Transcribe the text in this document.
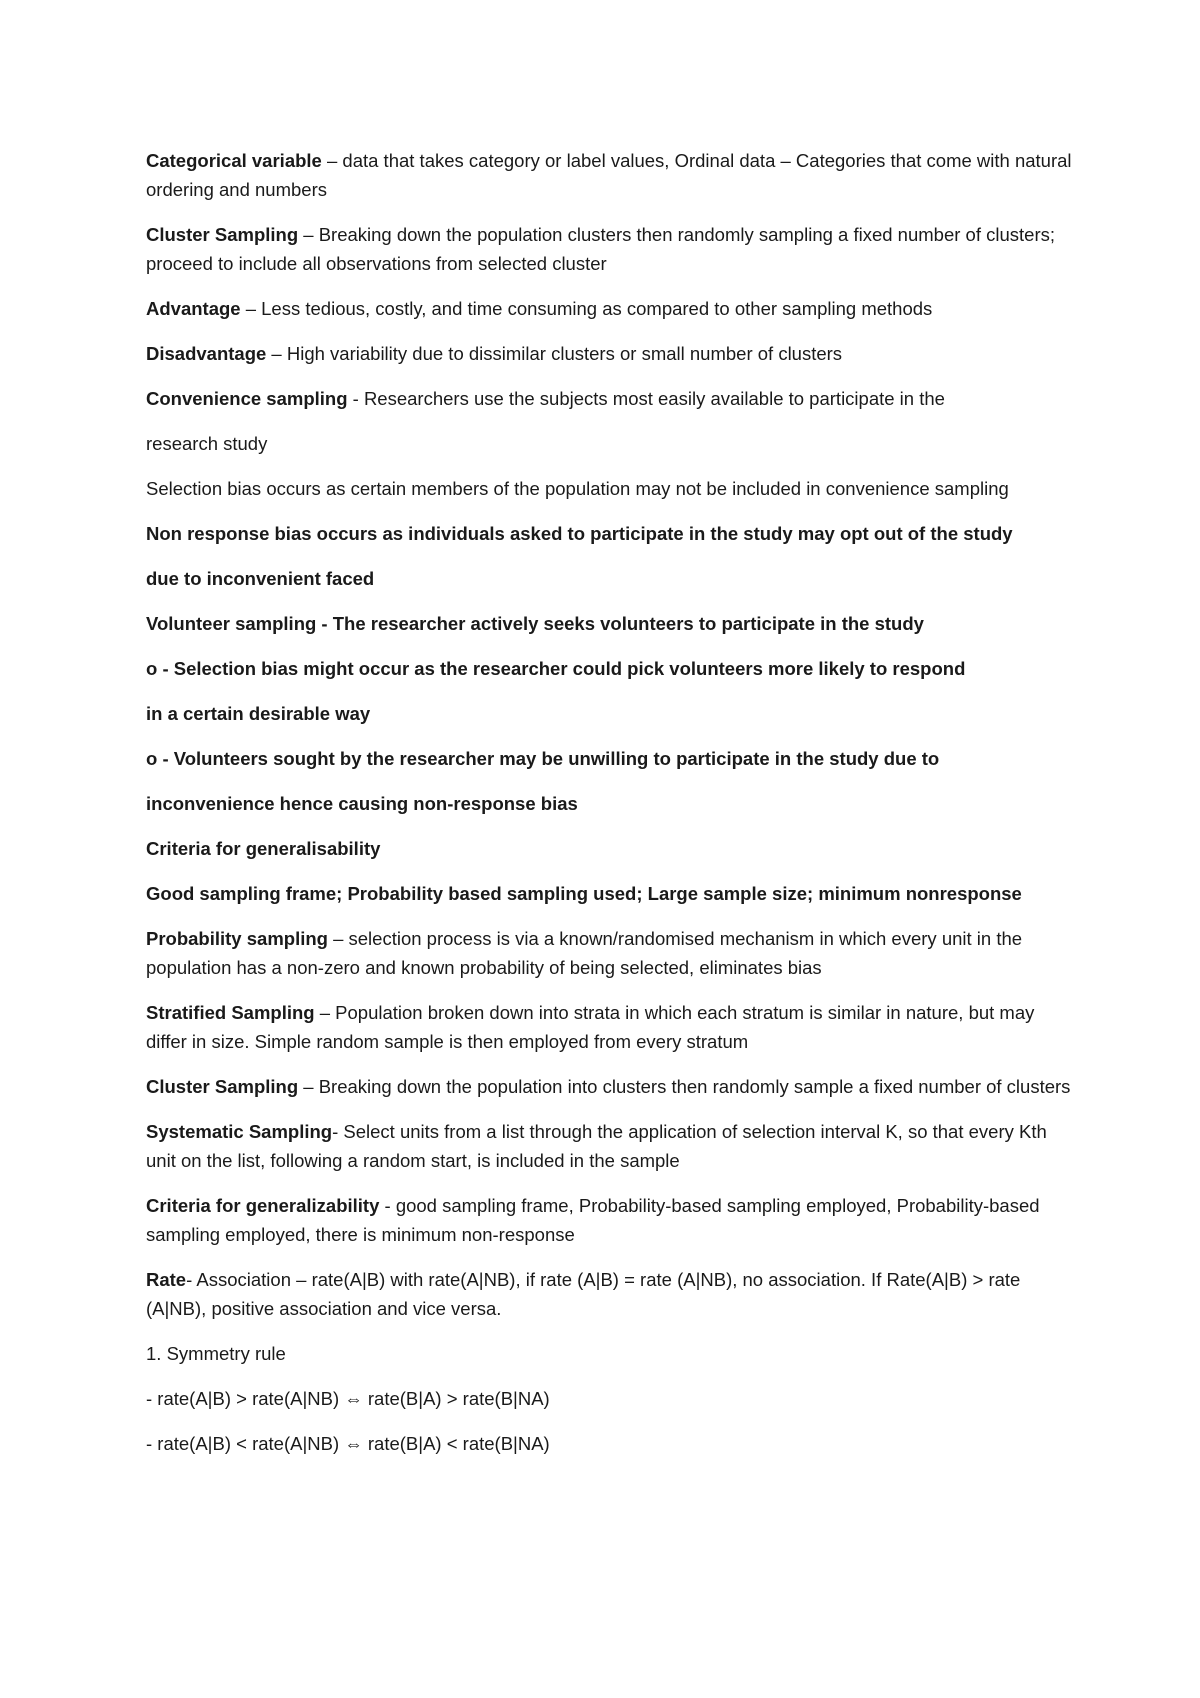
Categorical variable – data that takes category or label values, Ordinal data – Categories that come with natural ordering and numbers

Cluster Sampling – Breaking down the population clusters then randomly sampling a fixed number of clusters; proceed to include all observations from selected cluster

Advantage – Less tedious, costly, and time consuming as compared to other sampling methods

Disadvantage – High variability due to dissimilar clusters or small number of clusters

Convenience sampling - Researchers use the subjects most easily available to participate in the

research study

Selection bias occurs as certain members of the population may not be included in convenience sampling

Non response bias occurs as individuals asked to participate in the study may opt out of the study

due to inconvenient faced

Volunteer sampling - The researcher actively seeks volunteers to participate in the study

o - Selection bias might occur as the researcher could pick volunteers more likely to respond

in a certain desirable way

o - Volunteers sought by the researcher may be unwilling to participate in the study due to

inconvenience hence causing non-response bias

Criteria for generalisability

Good sampling frame; Probability based sampling used; Large sample size; minimum nonresponse

Probability sampling – selection process is via a known/randomised mechanism in which every unit in the population has a non-zero and known probability of being selected, eliminates bias

Stratified Sampling – Population broken down into strata in which each stratum is similar in nature, but may differ in size. Simple random sample is then employed from every stratum

Cluster Sampling – Breaking down the population into clusters then randomly sample a fixed number of clusters

Systematic Sampling- Select units from a list through the application of selection interval K, so that every Kth unit on the list, following a random start, is included in the sample

Criteria for generalizability - good sampling frame, Probability-based sampling employed, Probability-based sampling employed, there is minimum non-response

Rate- Association – rate(A|B) with rate(A|NB), if rate (A|B) = rate (A|NB), no association. If Rate(A|B) > rate (A|NB), positive association and vice versa.

1. Symmetry rule

- rate(A|B) > rate(A|NB) ⇔ rate(B|A) > rate(B|NA)

- rate(A|B) < rate(A|NB) ⇔ rate(B|A) < rate(B|NA)
